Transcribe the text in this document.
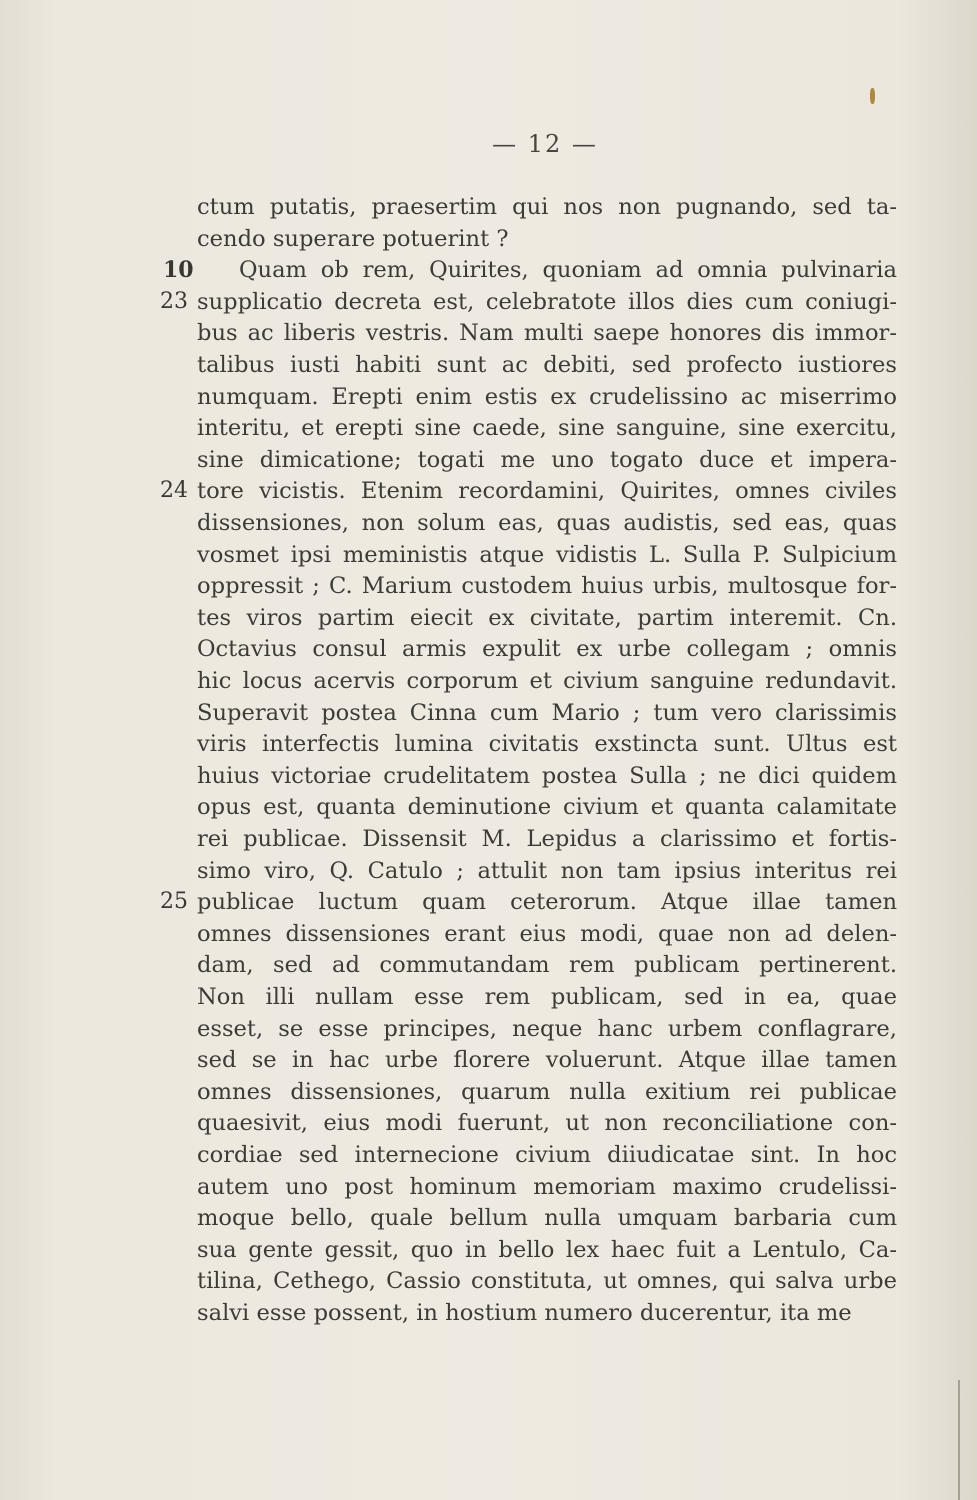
— 12 —
ctum putatis, praesertim qui nos non pugnando, sed ta-
cendo superare potuerint ?
Quam ob rem, Quirites, quoniam ad omnia pulvinaria
supplicatio decreta est, celebratote illos dies cum coniugi-
bus ac liberis vestris. Nam multi saepe honores dis immor-
talibus iusti habiti sunt ac debiti, sed profecto iustiores
numquam. Erepti enim estis ex crudelissino ac miserrimo
interitu, et erepti sine caede, sine sanguine, sine exercitu,
sine dimicatione; togati me uno togato duce et impera-
tore vicistis. Etenim recordamini, Quirites, omnes civiles
dissensiones, non solum eas, quas audistis, sed eas, quas
vosmet ipsi meministis atque vidistis L. Sulla P. Sulpicium
oppressit ; C. Marium custodem huius urbis, multosque for-
tes viros partim eiecit ex civitate, partim interemit. Cn.
Octavius consul armis expulit ex urbe collegam ; omnis
hic locus acervis corporum et civium sanguine redundavit.
Superavit postea Cinna cum Mario ; tum vero clarissimis
viris interfectis lumina civitatis exstincta sunt. Ultus est
huius victoriae crudelitatem postea Sulla ; ne dici quidem
opus est, quanta deminutione civium et quanta calamitate
rei publicae. Dissensit M. Lepidus a clarissimo et fortis-
simo viro, Q. Catulo ; attulit non tam ipsius interitus rei
publicae luctum quam ceterorum. Atque illae tamen
omnes dissensiones erant eius modi, quae non ad delen-
dam, sed ad commutandam rem publicam pertinerent.
Non illi nullam esse rem publicam, sed in ea, quae
esset, se esse principes, neque hanc urbem conflagrare,
sed se in hac urbe florere voluerunt. Atque illae tamen
omnes dissensiones, quarum nulla exitium rei publicae
quaesivit, eius modi fuerunt, ut non reconciliatione con-
cordiae sed internecione civium diiudicatae sint. In hoc
autem uno post hominum memoriam maximo crudelissi-
moque bello, quale bellum nulla umquam barbaria cum
sua gente gessit, quo in bello lex haec fuit a Lentulo, Ca-
tilina, Cethego, Cassio constituta, ut omnes, qui salva urbe
salvi esse possent, in hostium numero ducerentur, ita me
10
23
24
25
